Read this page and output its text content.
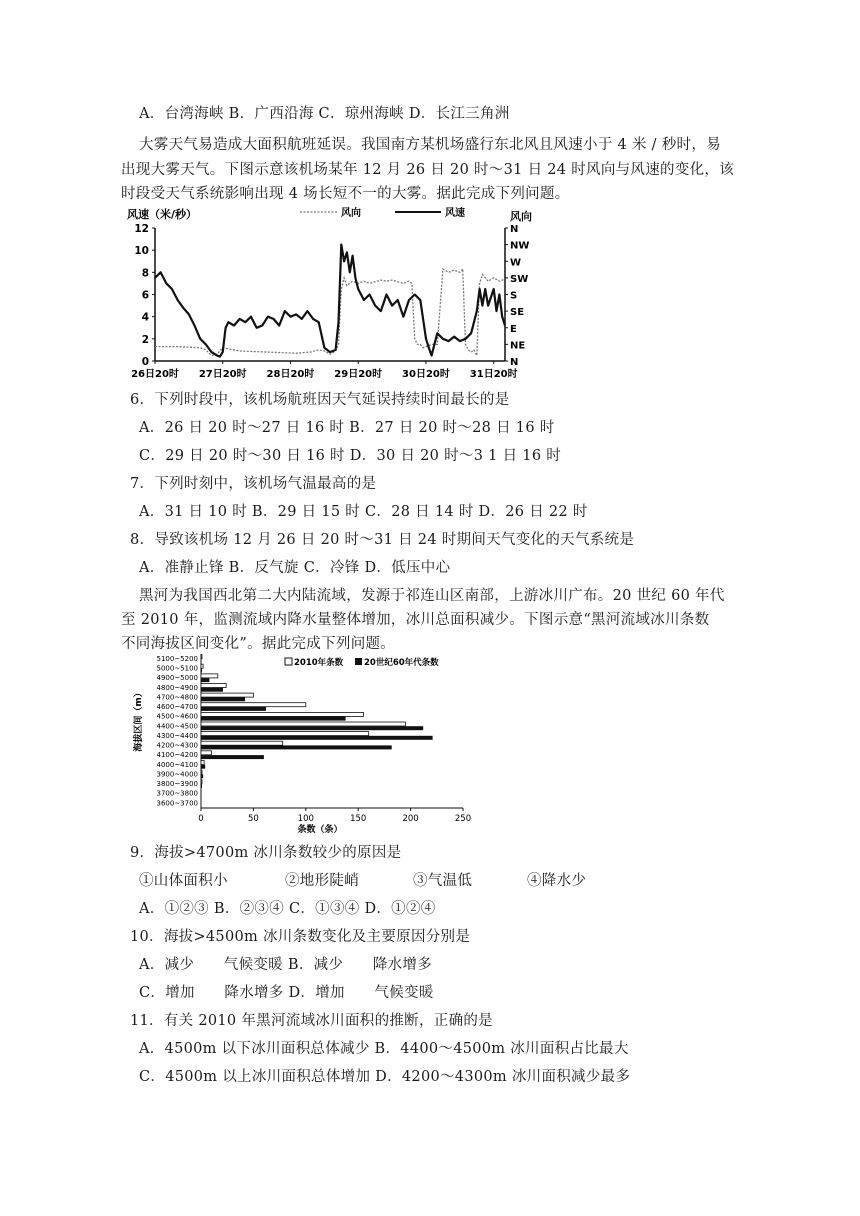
A．台湾海峡 B．广西沿海 C．琼州海峡 D．长江三角洲
大雾天气易造成大面积航班延误。我国南方某机场盛行东北风且风速小于 4 米 / 秒时，易
出现大雾天气。下图示意该机场某年 12 月 26 日 20 时～31 日 24 时风向与风速的变化，该
时段受天气系统影响出现 4 场长短不一的大雾。据此完成下列问题。
0
2
4
6
8
10
12
N
NE
E
SE
S
SW
W
NW
N
26日20时 27日20时 28日20时 29日20时 30日20时 31日20时
风速（米/秒）	风向
风向	风速
6．下列时段中，该机场航班因天气延误持续时间最长的是
A．26 日 20 时～27 日 16 时 B．27 日 20 时～28 日 16 时
C．29 日 20 时～30 日 16 时 D．30 日 20 时～3 1 日 16 时
7．下列时刻中，该机场气温最高的是
A．31 日 10 时 B．29 日 15 时 C．28 日 14 时 D．26 日 22 时
8．导致该机场 12 月 26 日 20 时～31 日 24 时期间天气变化的天气系统是
A．准静止锋 B．反气旋 C．冷锋 D．低压中心
黑河为我国西北第二大内陆流域，发源于祁连山区南部，上游冰川广布。20 世纪 60 年代
至 2010 年，监测流域内降水量整体增加，冰川总面积减少。下图示意“黑河流域冰川条数
不同海拔区间变化”。据此完成下列问题。
0	50	100	150	200	250
5100~5200
5000~5100
4900~5000
4800~4900
4700~4800
4600~4700
4500~4600
4400~4500
4300~4400
4200~4300
4100~4200
4000~4100
3900~4000
3800~3900
3700~3800
3600~3700
2010年条数 20世纪60年代条数
海拔区间（m）
条数（条）
9．海拔>4700m 冰川条数较少的原因是
①山体面积小	②地形陡峭	③气温低	④降水少
A．①②③ B．②③④ C．①③④ D．①②④
10．海拔>4500m 冰川条数变化及主要原因分别是
A．减少　　气候变暖 B．减少　　降水增多
C．增加　　降水增多 D．增加　　气候变暖
11．有关 2010 年黑河流域冰川面积的推断，正确的是
A．4500m 以下冰川面积总体减少 B．4400～4500m 冰川面积占比最大
C．4500m 以上冰川面积总体增加 D．4200～4300m 冰川面积减少最多
